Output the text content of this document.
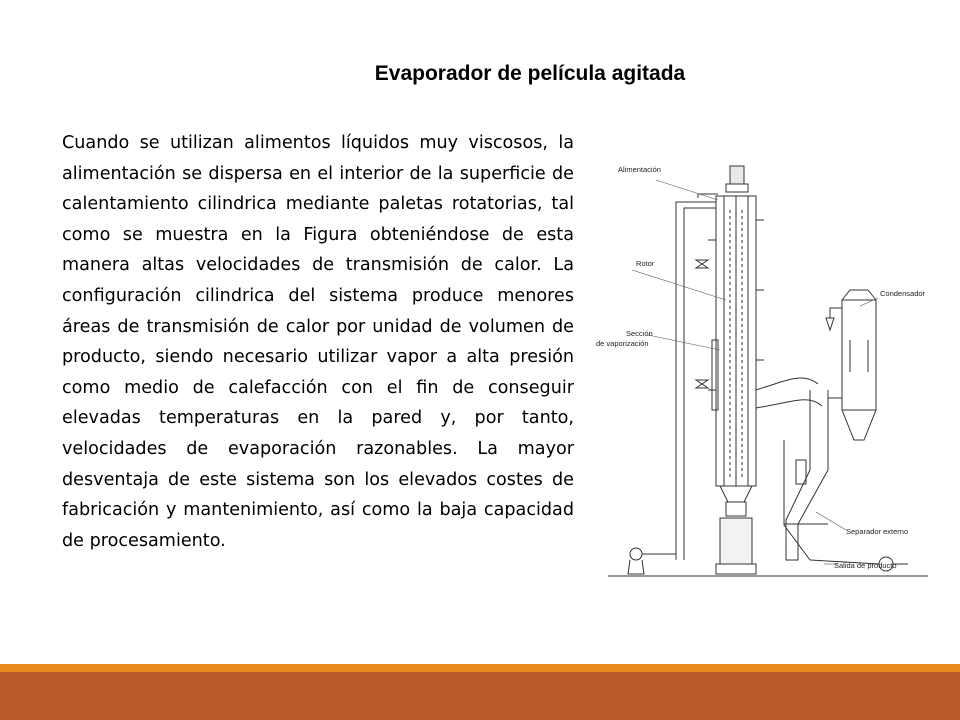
Evaporador de película agitada
Cuando se utilizan alimentos líquidos muy viscosos, la alimentación se dispersa en el interior de la superficie de calentamiento cilindrica mediante paletas rotatorias, tal como se muestra en la Figura obteniéndose de esta manera altas velocidades de transmisión de calor. La configuración cilindrica del sistema produce menores áreas de transmisión de calor por unidad de volumen de producto, siendo necesario utilizar vapor a alta presión como medio de calefacción con el fin de conseguir elevadas temperaturas en la pared y, por tanto, velocidades de evaporación razonables. La mayor desventaja de este sistema son los elevados costes de fabricación y mantenimiento, así como la baja capacidad de procesamiento.
Alimentación
Rotor
Sección
de vaporización
Condensador
Separador externo
Salida de producto
